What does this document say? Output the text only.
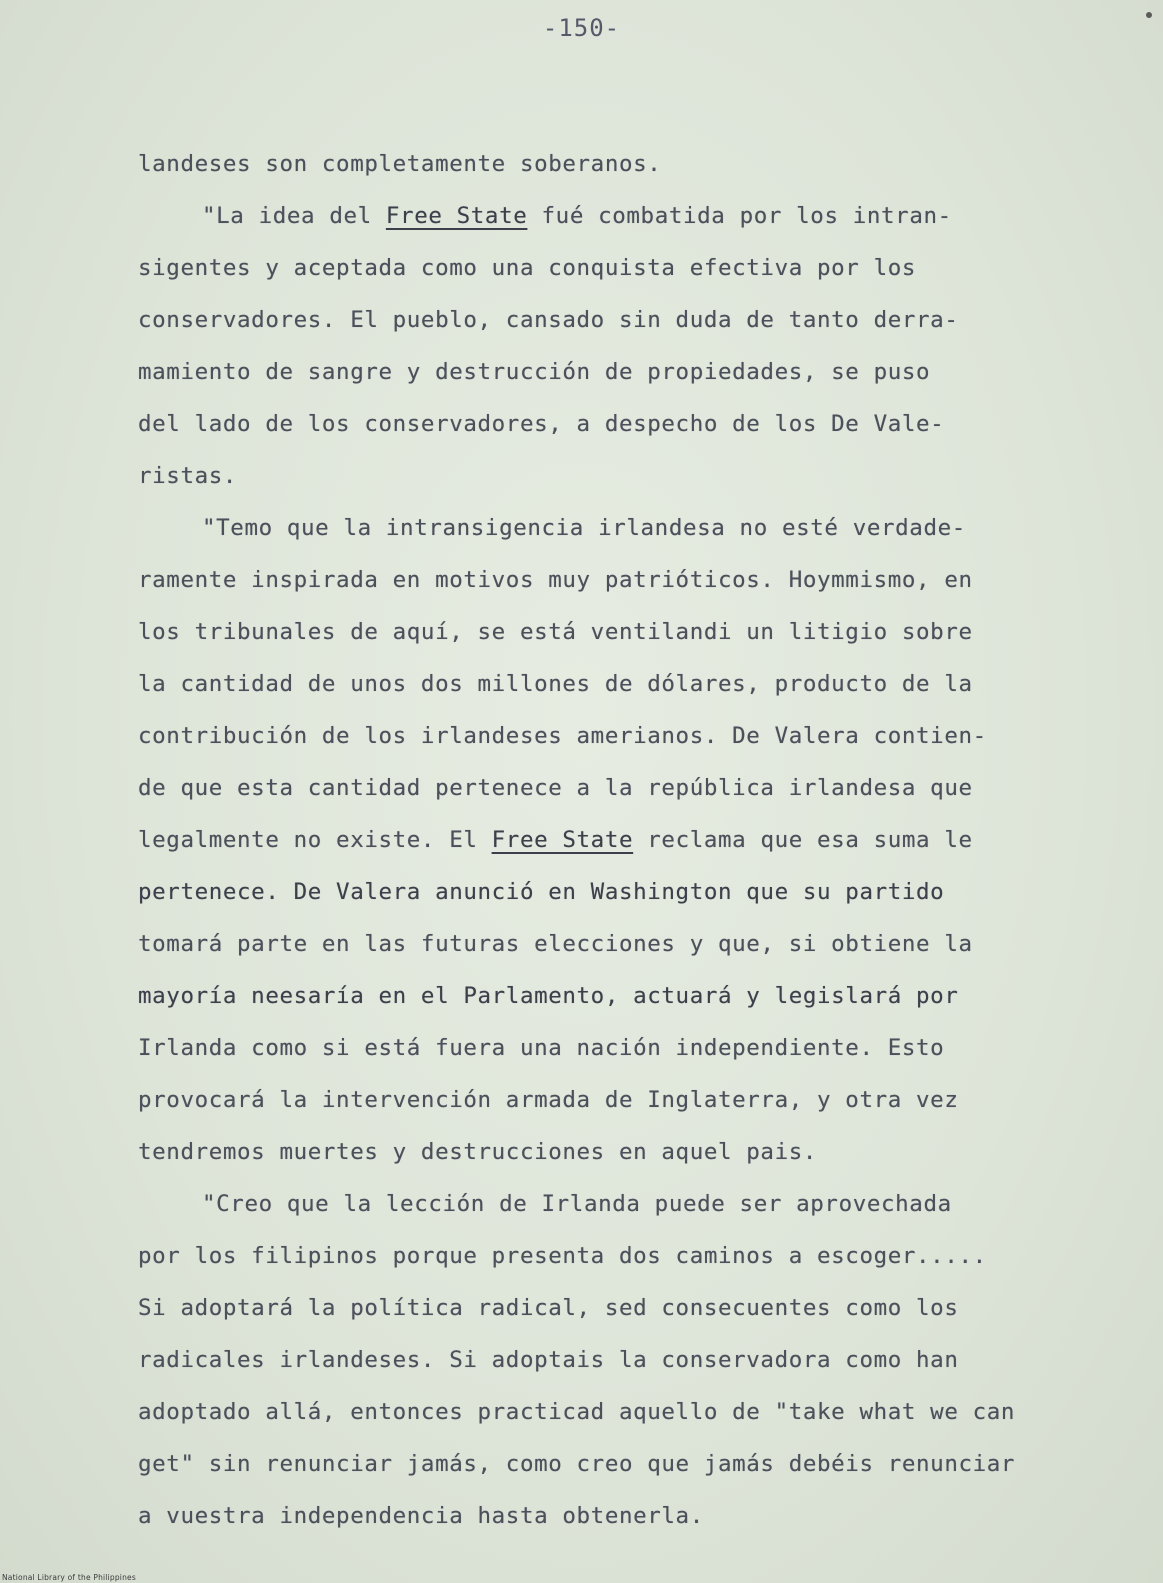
-150-
landeses son completamente soberanos.
"La idea del Free State fué combatida por los intran-
sigentes y aceptada como una conquista efectiva por los
conservadores. El pueblo, cansado sin duda de tanto derra-
mamiento de sangre y destrucción de propiedades, se puso
del lado de los conservadores, a despecho de los De Vale-
ristas.
"Temo que la intransigencia irlandesa no esté verdade-
ramente inspirada en motivos muy patrióticos. Hoymmismo, en
los tribunales de aquí, se está ventilandi un litigio sobre
la cantidad de unos dos millones de dólares, producto de la
contribución de los irlandeses amerianos. De Valera contien-
de que esta cantidad pertenece a la república irlandesa que
legalmente no existe. El Free State reclama que esa suma le
pertenece. De Valera anunció en Washington que su partido
tomará parte en las futuras elecciones y que, si obtiene la
mayoría neesaría en el Parlamento, actuará y legislará por
Irlanda como si está fuera una nación independiente. Esto
provocará la intervención armada de Inglaterra, y otra vez
tendremos muertes y destrucciones en aquel pais.
"Creo que la lección de Irlanda puede ser aprovechada
por los filipinos porque presenta dos caminos a escoger.....
Si adoptará la política radical, sed consecuentes como los
radicales irlandeses. Si adoptais la conservadora como han
adoptado allá, entonces practicad aquello de "take what we can
get" sin renunciar jamás, como creo que jamás debéis renunciar
a vuestra independencia hasta obtenerla.
National Library of the Philippines
